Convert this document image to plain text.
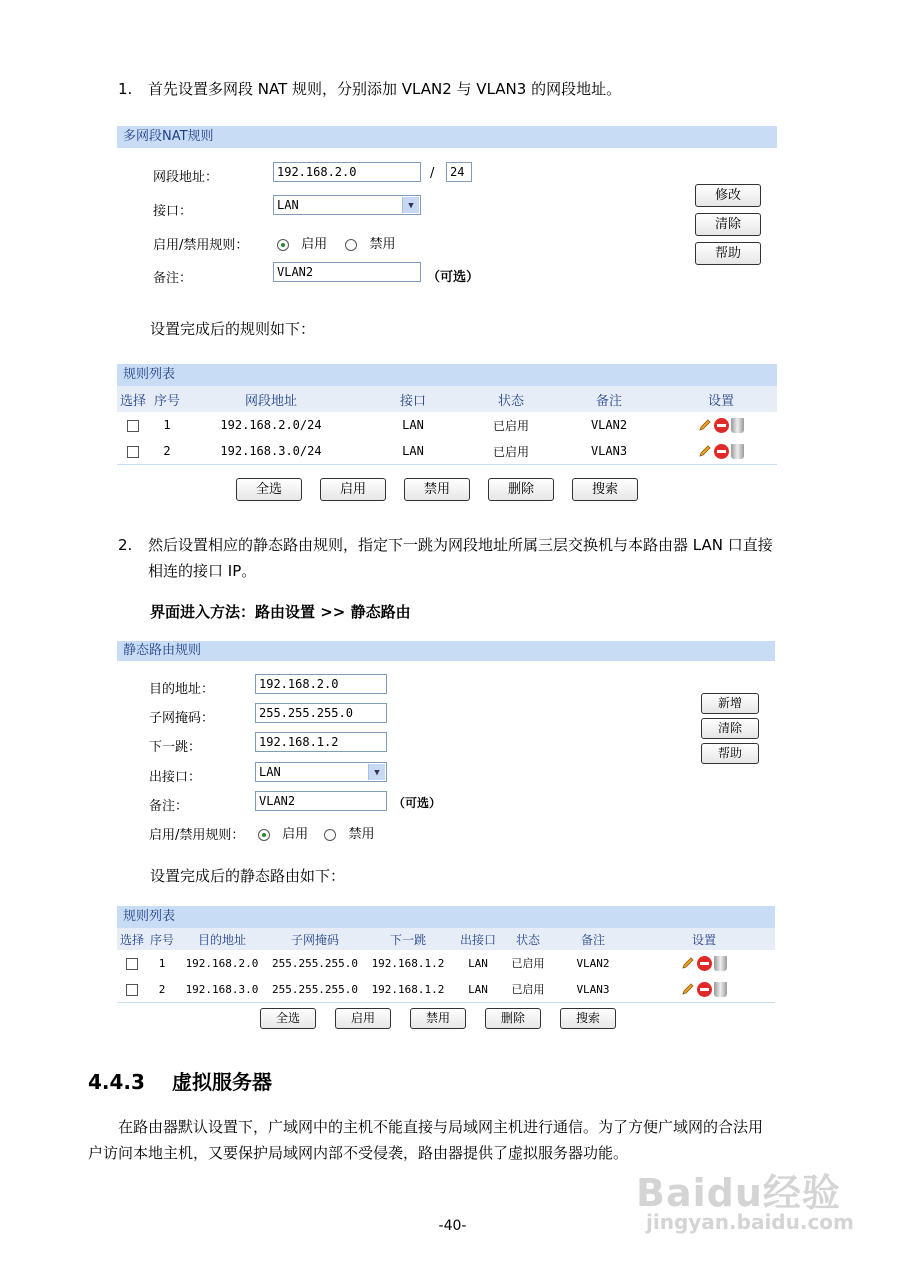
1. 首先设置多网段 NAT 规则，分别添加 VLAN2 与 VLAN3 的网段地址。
多网段NAT规则
网段地址：
192.168.2.0	/
24
接口：	LAN	▼
启用/禁用规则：	启用	禁用
备注：
VLAN2	（可选）
修改
清除
帮助
设置完成后的规则如下：
规则列表
选择	序号	网段地址	接口	状态	备注	设置
	1	192.168.2.0/24	LAN	已启用	VLAN2	
	2	192.168.3.0/24	LAN	已启用	VLAN3	
全选	启用	禁用	删除	搜索
2. 然后设置相应的静态路由规则，指定下一跳为网段地址所属三层交换机与本路由器 LAN 口直接
相连的接口 IP。
界面进入方法：路由设置 >> 静态路由
静态路由规则
目的地址：
192.168.2.0
子网掩码：
255.255.255.0
下一跳：
192.168.1.2
出接口：	LAN	▼
备注：
VLAN2	（可选）
启用/禁用规则：	启用	禁用
新增
清除
帮助
设置完成后的静态路由如下：
规则列表
选择	序号	目的地址	子网掩码	下一跳	出接口	状态	备注	设置
	1	192.168.2.0	255.255.255.0	192.168.1.2	LAN	已启用	VLAN2	
	2	192.168.3.0	255.255.255.0	192.168.1.2	LAN	已启用	VLAN3	
全选	启用	禁用	删除	搜索
4.4.3 虚拟服务器
在路由器默认设置下，广域网中的主机不能直接与局域网主机进行通信。为了方便广域网的合法用
户访问本地主机，又要保护局域网内部不受侵袭，路由器提供了虚拟服务器功能。
Baidu经验
jingyan.baidu.com
-40-
